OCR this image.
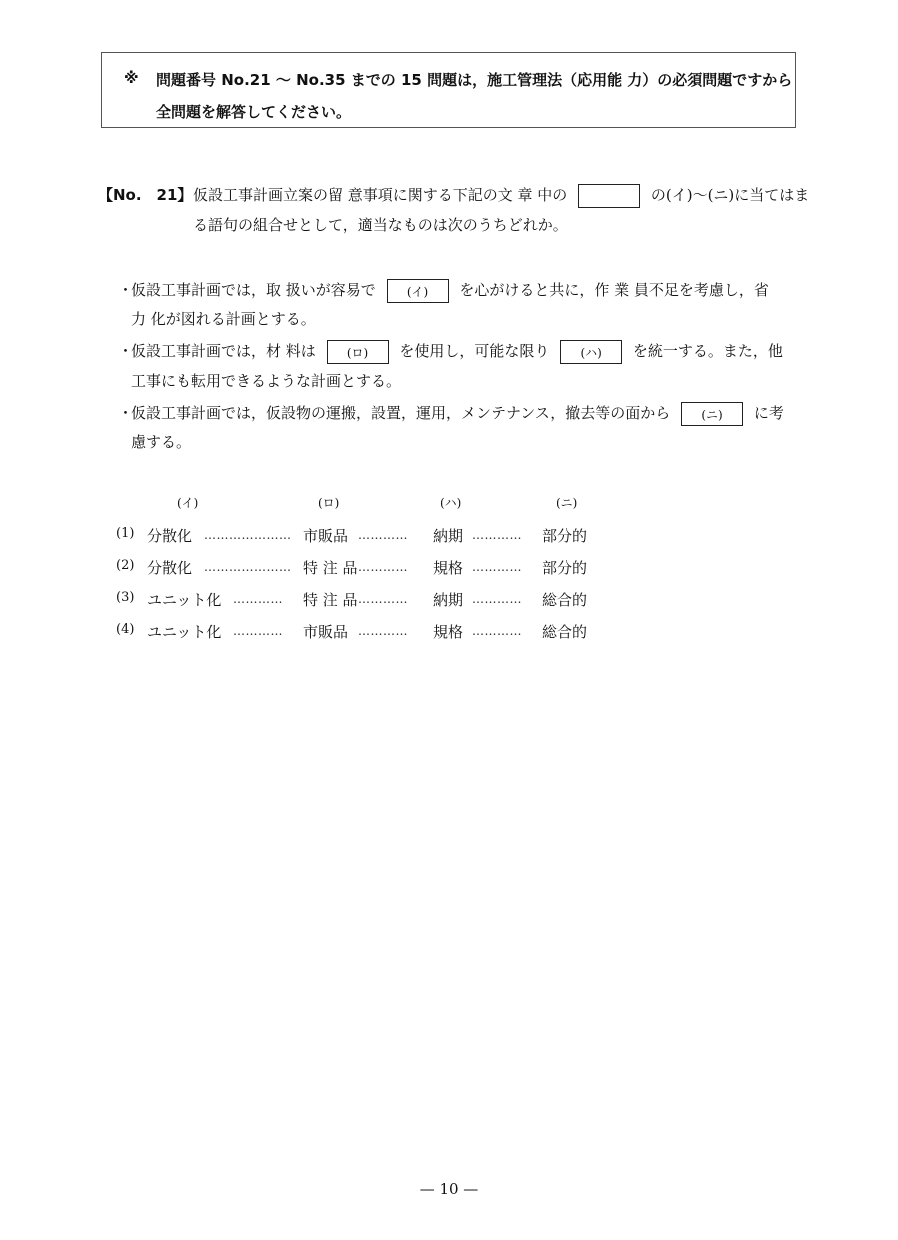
※ 問題番号 No.21 ～ No.35 までの 15 問題は，施工管理法（応用能 力）の必須問題ですから
全問題を解答してください。
【No.　21】 仮設工事計画立案の留 意事項に関する下記の文 章 中の	の(イ)～(ニ)に当てはま
る語句の組合せとして，適当なものは次のうちどれか。
・
仮設工事計画では，取 扱いが容易で	(イ) を心がけると共に，作 業 員不足を考慮し，省
力 化が図れる計画とする。
・
仮設工事計画では，材 料は	(ロ) を使用し，可能な限り	(ハ) を統一する。また，他
工事にも転用できるような計画とする。
・
仮設工事計画では，仮設物の運搬，設置，運用，メンテナンス，撤去等の面から	(ニ) に考
慮する。
(イ)	(ロ)	(ハ)	(ニ)
(1) 分散化 ………………… 市販品 ………… 納期 ………… 部分的
(2) 分散化 ………………… 特 注 品 ………… 規格 ………… 部分的
(3) ユニット化 ………… 特 注 品 ………… 納期 ………… 総合的
(4) ユニット化 ………… 市販品 ………… 規格 ………… 総合的
— 10 —
